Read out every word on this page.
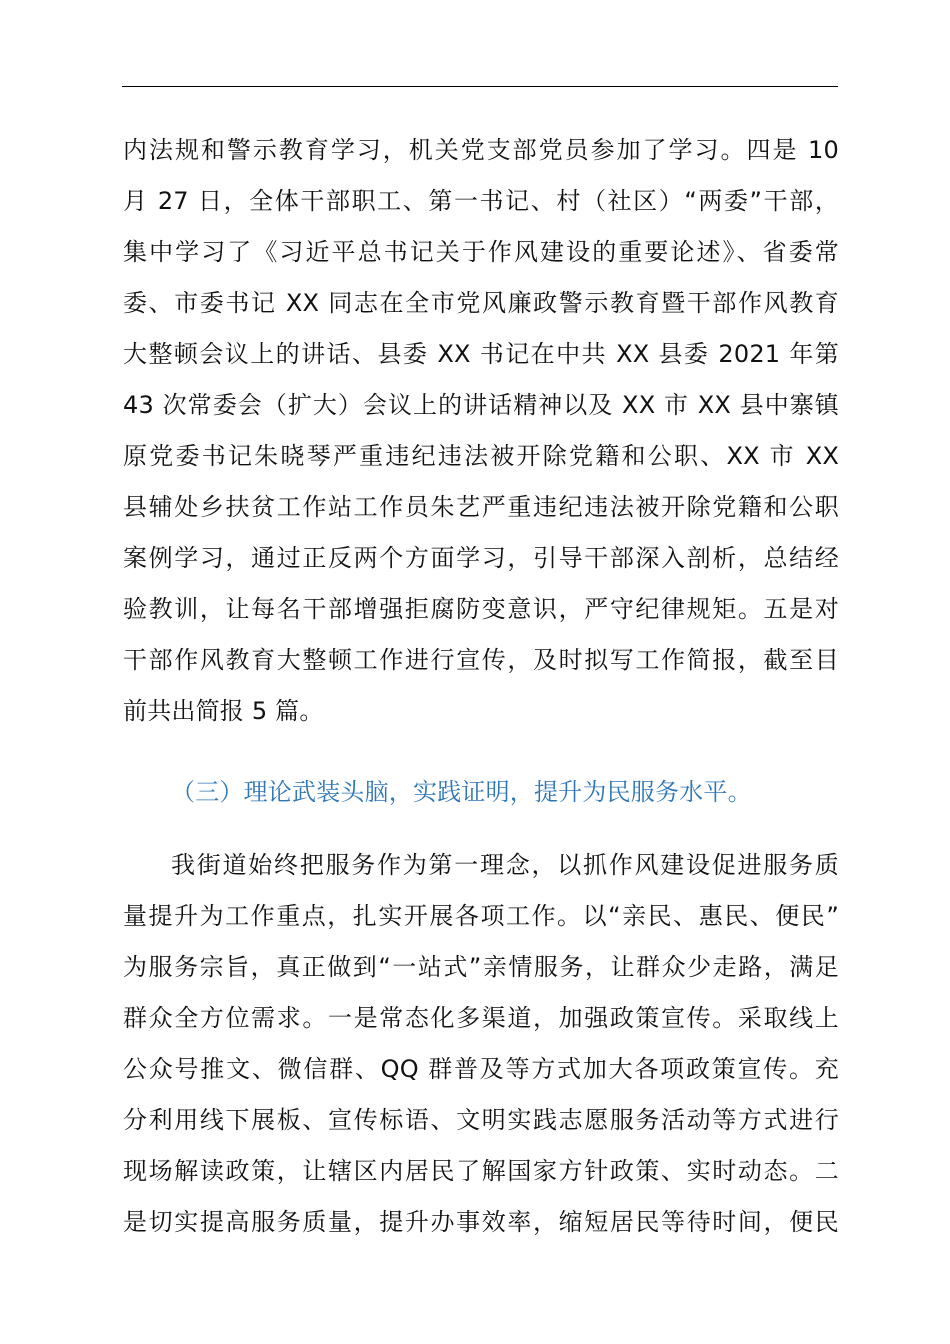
内法规和警示教育学习，机关党支部党员参加了学习。四是 10
月 27 日，全体干部职工、第一书记、村（社区）“两委”干部，
集中学习了《习近平总书记关于作风建设的重要论述》、省委常
委、市委书记 XX 同志在全市党风廉政警示教育暨干部作风教育
大整顿会议上的讲话、县委 XX 书记在中共 XX 县委 2021 年第
43 次常委会（扩大）会议上的讲话精神以及 XX 市 XX 县中寨镇
原党委书记朱晓琴严重违纪违法被开除党籍和公职、XX 市 XX
县辅处乡扶贫工作站工作员朱艺严重违纪违法被开除党籍和公职
案例学习，通过正反两个方面学习，引导干部深入剖析，总结经
验教训，让每名干部增强拒腐防变意识，严守纪律规矩。五是对
干部作风教育大整顿工作进行宣传，及时拟写工作简报，截至目
前共出简报 5 篇。
（三）理论武装头脑，实践证明，提升为民服务水平。
我街道始终把服务作为第一理念，以抓作风建设促进服务质
量提升为工作重点，扎实开展各项工作。以“亲民、惠民、便民”
为服务宗旨，真正做到“一站式”亲情服务，让群众少走路，满足
群众全方位需求。一是常态化多渠道，加强政策宣传。采取线上
公众号推文、微信群、QQ 群普及等方式加大各项政策宣传。充
分利用线下展板、宣传标语、文明实践志愿服务活动等方式进行
现场解读政策，让辖区内居民了解国家方针政策、实时动态。二
是切实提高服务质量，提升办事效率，缩短居民等待时间，便民
